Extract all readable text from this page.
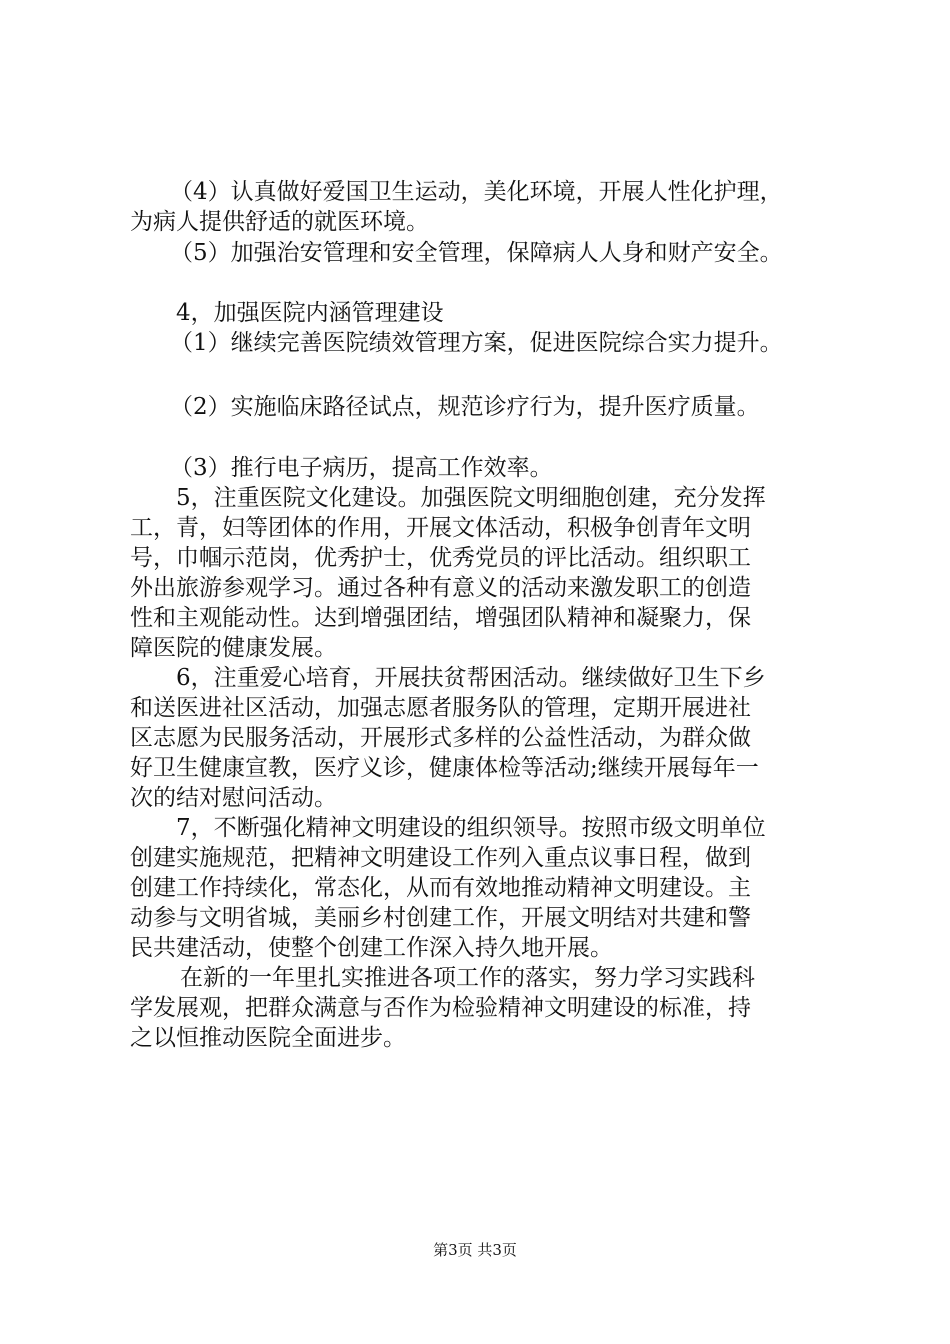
（4）认真做好爱国卫生运动，美化环境，开展人性化护理，
为病人提供舒适的就医环境。
（5）加强治安管理和安全管理，保障病人人身和财产安全。
4，加强医院内涵管理建设
（1）继续完善医院绩效管理方案，促进医院综合实力提升。
（2）实施临床路径试点，规范诊疗行为，提升医疗质量。
（3）推行电子病历，提高工作效率。
5，注重医院文化建设。加强医院文明细胞创建，充分发挥
工，青，妇等团体的作用，开展文体活动，积极争创青年文明
号，巾帼示范岗，优秀护士，优秀党员的评比活动。组织职工
外出旅游参观学习。通过各种有意义的活动来激发职工的创造
性和主观能动性。达到增强团结，增强团队精神和凝聚力，保
障医院的健康发展。
6，注重爱心培育，开展扶贫帮困活动。继续做好卫生下乡
和送医进社区活动，加强志愿者服务队的管理，定期开展进社
区志愿为民服务活动，开展形式多样的公益性活动，为群众做
好卫生健康宣教，医疗义诊，健康体检等活动;继续开展每年一
次的结对慰问活动。
7，不断强化精神文明建设的组织领导。按照市级文明单位
创建实施规范，把精神文明建设工作列入重点议事日程，做到
创建工作持续化，常态化，从而有效地推动精神文明建设。主
动参与文明省城，美丽乡村创建工作，开展文明结对共建和警
民共建活动，使整个创建工作深入持久地开展。
在新的一年里扎实推进各项工作的落实，努力学习实践科
学发展观，把群众满意与否作为检验精神文明建设的标准，持
之以恒推动医院全面进步。
第3页 共3页
